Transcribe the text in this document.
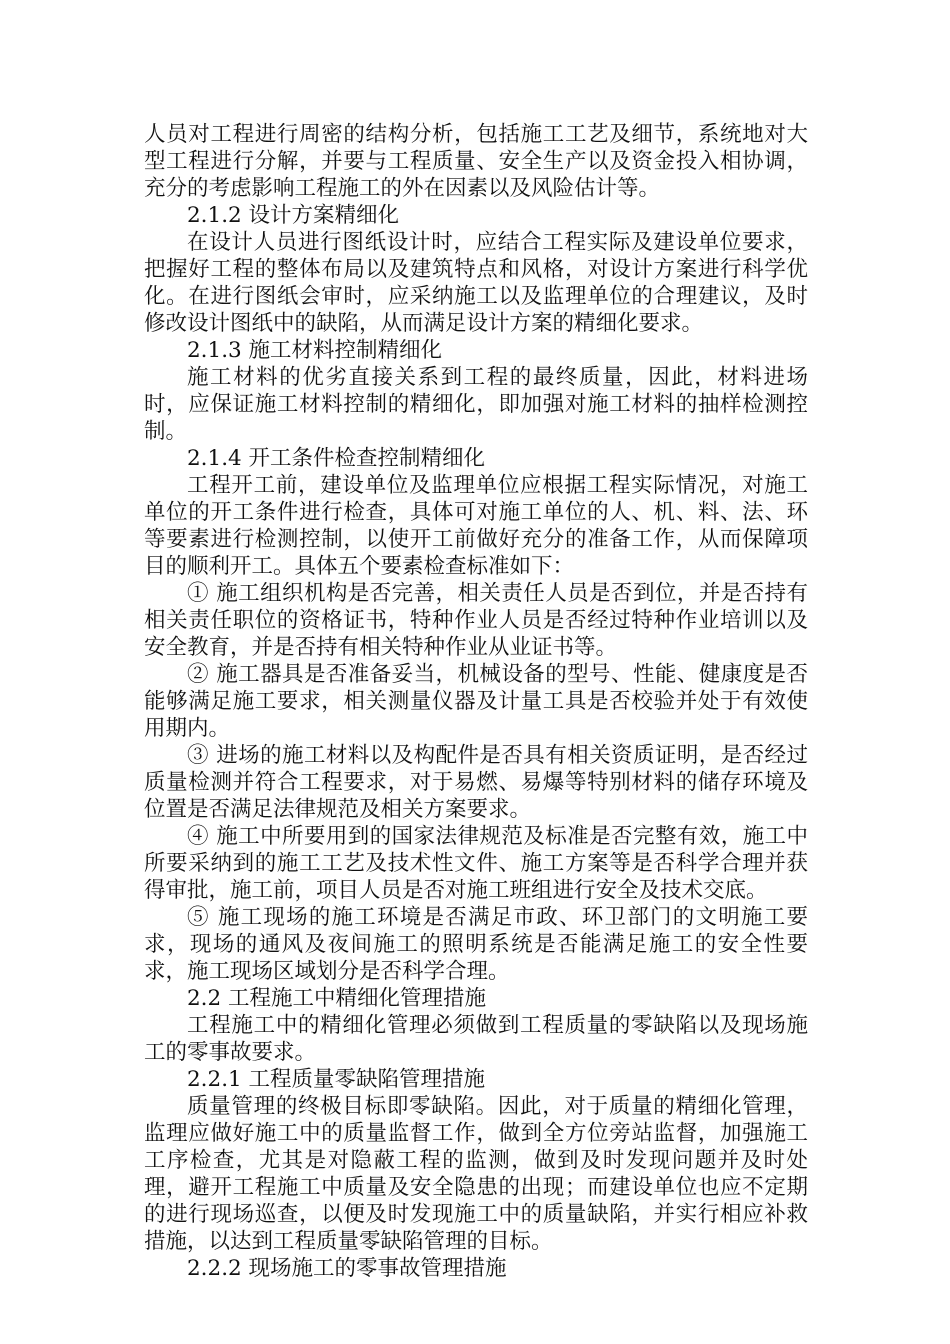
人员对工程进行周密的结构分析，包括施工工艺及细节，系统地对大型工程进行分解，并要与工程质量、安全生产以及资金投入相协调，充分的考虑影响工程施工的外在因素以及风险估计等。

2.1.2 设计方案精细化

在设计人员进行图纸设计时，应结合工程实际及建设单位要求，把握好工程的整体布局以及建筑特点和风格，对设计方案进行科学优化。在进行图纸会审时，应采纳施工以及监理单位的合理建议，及时修改设计图纸中的缺陷，从而满足设计方案的精细化要求。

2.1.3 施工材料控制精细化

施工材料的优劣直接关系到工程的最终质量，因此，材料进场时，应保证施工材料控制的精细化，即加强对施工材料的抽样检测控制。

2.1.4 开工条件检查控制精细化

工程开工前，建设单位及监理单位应根据工程实际情况，对施工单位的开工条件进行检查，具体可对施工单位的人、机、料、法、环等要素进行检测控制，以使开工前做好充分的准备工作，从而保障项目的顺利开工。具体五个要素检查标准如下：

① 施工组织机构是否完善，相关责任人员是否到位，并是否持有相关责任职位的资格证书，特种作业人员是否经过特种作业培训以及安全教育，并是否持有相关特种作业从业证书等。

② 施工器具是否准备妥当，机械设备的型号、性能、健康度是否能够满足施工要求，相关测量仪器及计量工具是否校验并处于有效使用期内。

③ 进场的施工材料以及构配件是否具有相关资质证明，是否经过质量检测并符合工程要求，对于易燃、易爆等特别材料的储存环境及位置是否满足法律规范及相关方案要求。

④ 施工中所要用到的国家法律规范及标准是否完整有效，施工中所要采纳到的施工工艺及技术性文件、施工方案等是否科学合理并获得审批，施工前，项目人员是否对施工班组进行安全及技术交底。

⑤ 施工现场的施工环境是否满足市政、环卫部门的文明施工要求，现场的通风及夜间施工的照明系统是否能满足施工的安全性要求，施工现场区域划分是否科学合理。

2.2 工程施工中精细化管理措施

工程施工中的精细化管理必须做到工程质量的零缺陷以及现场施工的零事故要求。

2.2.1 工程质量零缺陷管理措施

质量管理的终极目标即零缺陷。因此，对于质量的精细化管理，监理应做好施工中的质量监督工作，做到全方位旁站监督，加强施工工序检查，尤其是对隐蔽工程的监测，做到及时发现问题并及时处理，避开工程施工中质量及安全隐患的出现；而建设单位也应不定期的进行现场巡查，以便及时发现施工中的质量缺陷，并实行相应补救措施，以达到工程质量零缺陷管理的目标。

2.2.2 现场施工的零事故管理措施
